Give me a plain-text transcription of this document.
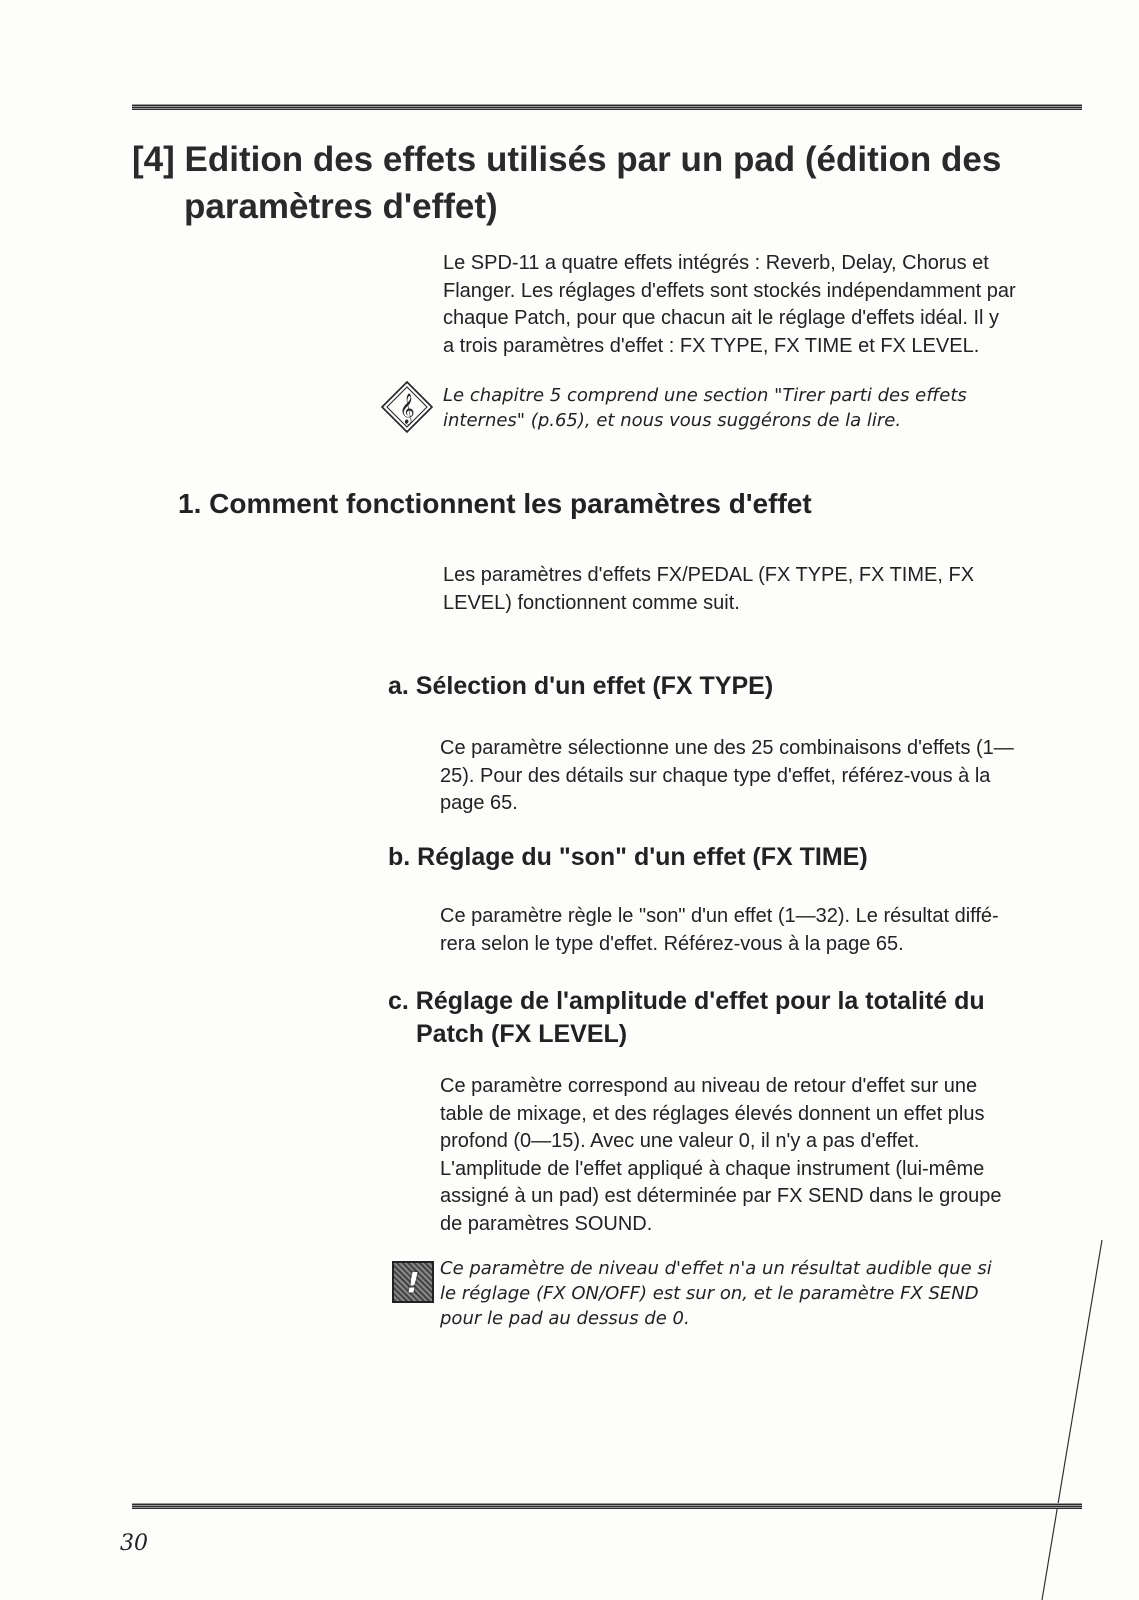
[4] Edition des effets utilisés par un pad (édition des
paramètres d'effet)
Le SPD-11 a quatre effets intégrés : Reverb, Delay, Chorus et
Flanger. Les réglages d'effets sont stockés indépendamment par
chaque Patch, pour que chacun ait le réglage d'effets idéal. Il y
a trois paramètres d'effet : FX TYPE, FX TIME et FX LEVEL.
𝄞 Le chapitre 5 comprend une section "Tirer parti des effets
internes" (p.65), et nous vous suggérons de la lire.
1. Comment fonctionnent les paramètres d'effet
Les paramètres d'effets FX/PEDAL (FX TYPE, FX TIME, FX
LEVEL) fonctionnent comme suit.
a. Sélection d'un effet (FX TYPE)
Ce paramètre sélectionne une des 25 combinaisons d'effets (1—
25). Pour des détails sur chaque type d'effet, référez-vous à la
page 65.
b. Réglage du "son" d'un effet (FX TIME)
Ce paramètre règle le "son" d'un effet (1—32). Le résultat diffé-
rera selon le type d'effet. Référez-vous à la page 65.
c. Réglage de l'amplitude d'effet pour la totalité du
Patch (FX LEVEL)
Ce paramètre correspond au niveau de retour d'effet sur une
table de mixage, et des réglages élevés donnent un effet plus
profond (0—15). Avec une valeur 0, il n'y a pas d'effet.
L'amplitude de l'effet appliqué à chaque instrument (lui-même
assigné à un pad) est déterminée par FX SEND dans le groupe
de paramètres SOUND.
! Ce paramètre de niveau d'effet n'a un résultat audible que si
le réglage (FX ON/OFF) est sur on, et le paramètre FX SEND
pour le pad au dessus de 0.
30
